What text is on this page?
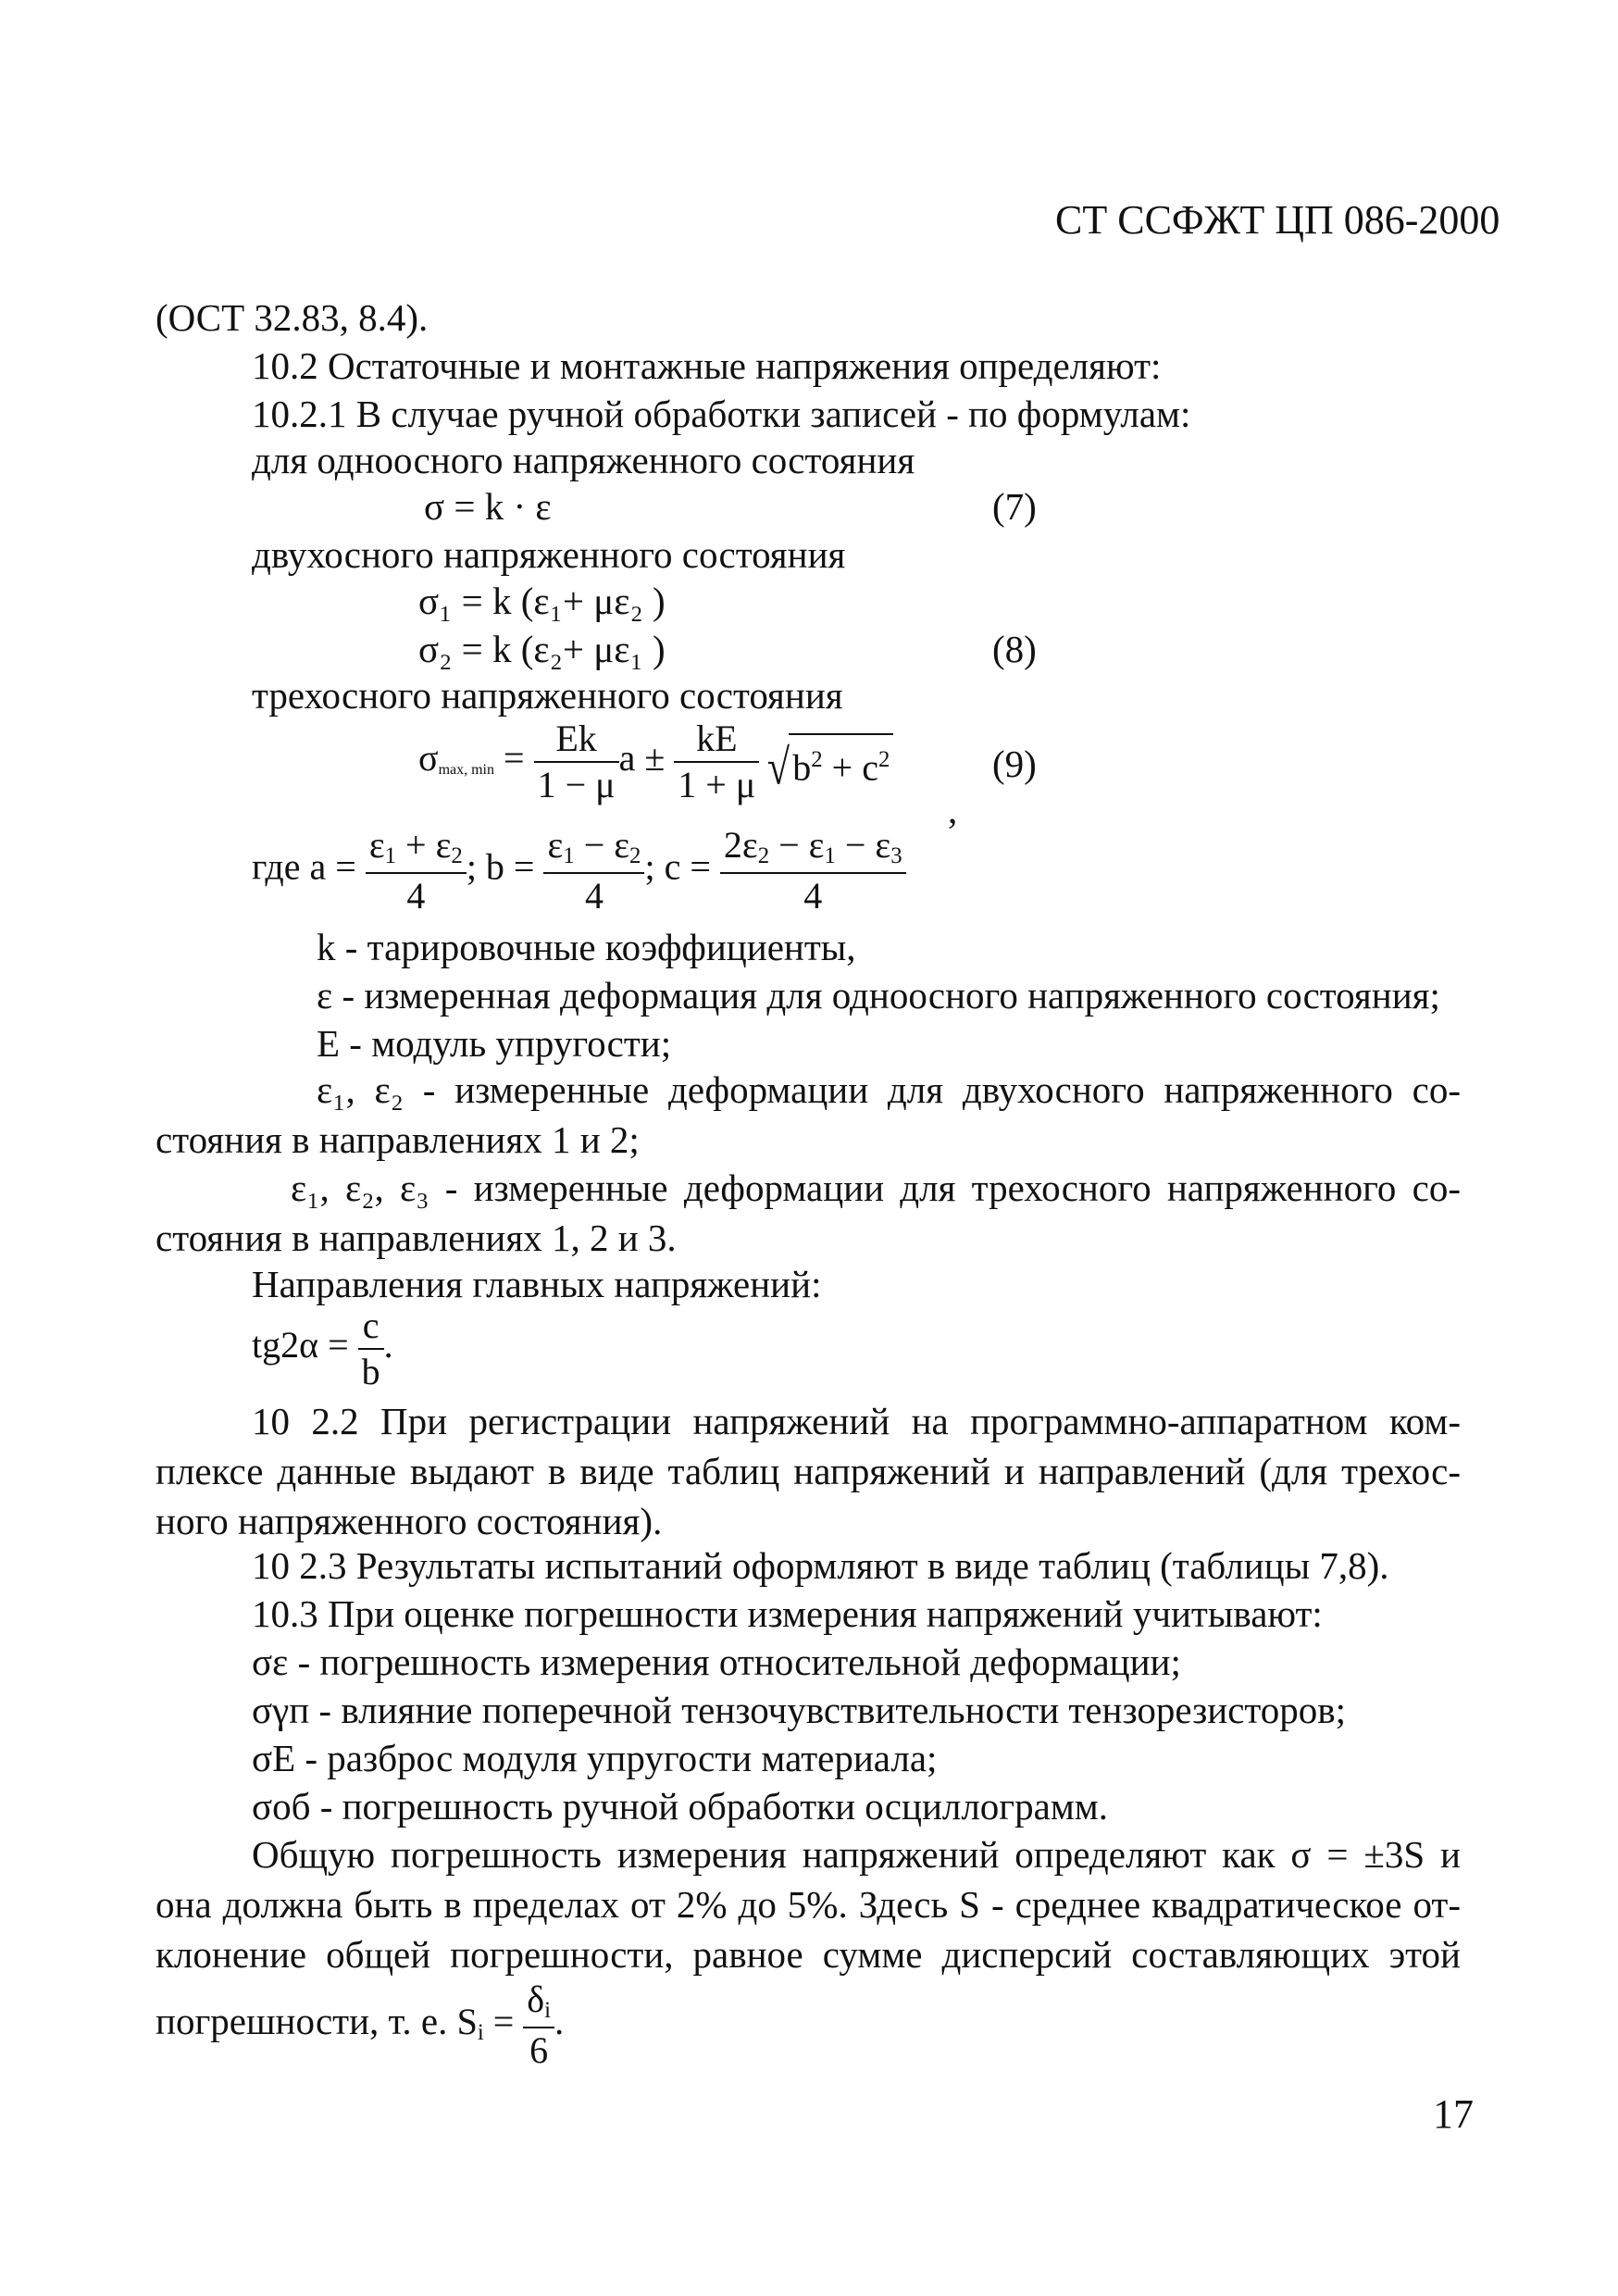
СТ ССФЖТ ЦП 086-2000
(ОСТ 32.83, 8.4).
10.2 Остаточные и монтажные напряжения определяют:
10.2.1 В случае ручной обработки записей - по формулам:
для одноосного напряженного состояния
σ = k · ε	(7)
двухосного напряженного состояния
σ₁ = k (ε₁+ με₂ )
σ₂ = k (ε₂+ με₁ )	(8)
трехосного напряженного состояния
$\sigma_{max, min} = \frac{Ek}{1 - \mu}$ $a \pm \frac{kE}{1 + \mu} √b^2 + c^2$	(9)
,
где $a = \frac{\varepsilon_1 + \varepsilon_2}{4}$ ; $b = \frac{\varepsilon_1 - \varepsilon_2}{4}$ ; $c = \frac{2\varepsilon_2 - \varepsilon_1 - \varepsilon_3}{4}$
k - тарировочные коэффициенты,
ε - измеренная деформация для одноосного напряженного состояния;
Е - модуль упругости;
ε₁, ε₂ - измеренные деформации для двухосного напряженного со-
стояния в направлениях 1 и 2;
ε₁, ε₂, ε₃ - измеренные деформации для трехосного напряженного со-
стояния в направлениях 1, 2 и 3.
Направления главных напряжений:
$tg2\alpha = \frac{c}{b}$ .
10 2.2 При регистрации напряжений на программно-аппаратном ком-
плексе данные выдают в виде таблиц напряжений и направлений (для трехос-
ного напряженного состояния).
10 2.3 Результаты испытаний оформляют в виде таблиц (таблицы 7,8).
10.3 При оценке погрешности измерения напряжений учитывают:
σε - погрешность измерения относительной деформации;
σγп - влияние поперечной тензочувствительности тензорезисторов;
σE - разброс модуля упругости материала;
σоб - погрешность ручной обработки осциллограмм.
Общую погрешность измерения напряжений определяют как σ = ±3S и
она должна быть в пределах от 2% до 5%. Здесь S - среднее квадратическое от-
клонение общей погрешности, равное сумме дисперсий составляющих этой
погрешности, т. е. $S_i = \frac{\delta_i}{6}$ .
17
